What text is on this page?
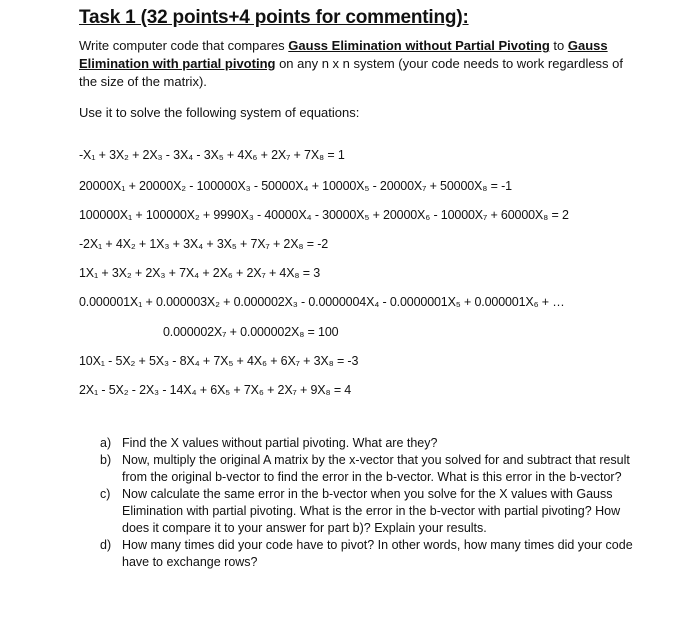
Task 1 (32 points+4 points for commenting):
Write computer code that compares Gauss Elimination without Partial Pivoting to Gauss Elimination with partial pivoting on any n x n system (your code needs to work regardless of the size of the matrix).
Use it to solve the following system of equations:
-X₁ + 3X₂ + 2X₃ - 3X₄ - 3X₅ + 4X₆ + 2X₇ + 7X₈ = 1
20000X₁ + 20000X₂ - 100000X₃ - 50000X₄ + 10000X₅ - 20000X₇ + 50000X₈ = -1
100000X₁ + 100000X₂ + 9990X₃ - 40000X₄ - 30000X₅ + 20000X₆ - 10000X₇ + 60000X₈ = 2
-2X₁ + 4X₂ + 1X₃ + 3X₄ + 3X₅ + 7X₇ + 2X₈ = -2
1X₁ + 3X₂ + 2X₃ + 7X₄ + 2X₆ + 2X₇ + 4X₈ = 3
0.000001X₁ + 0.000003X₂ + 0.000002X₃ - 0.0000004X₄ - 0.0000001X₅ + 0.000001X₆ + …
0.000002X₇ + 0.000002X₈ = 100
10X₁ - 5X₂ + 5X₃ - 8X₄ + 7X₅ + 4X₆ + 6X₇ + 3X₈ = -3
2X₁ - 5X₂ - 2X₃ - 14X₄ + 6X₅ + 7X₆ + 2X₇ + 9X₈ = 4
a) Find the X values without partial pivoting. What are they?
b) Now, multiply the original A matrix by the x-vector that you solved for and subtract that result from the original b-vector to find the error in the b-vector. What is this error in the b-vector?
c) Now calculate the same error in the b-vector when you solve for the X values with Gauss Elimination with partial pivoting. What is the error in the b-vector with partial pivoting? How does it compare it to your answer for part b)? Explain your results.
d) How many times did your code have to pivot? In other words, how many times did your code have to exchange rows?
